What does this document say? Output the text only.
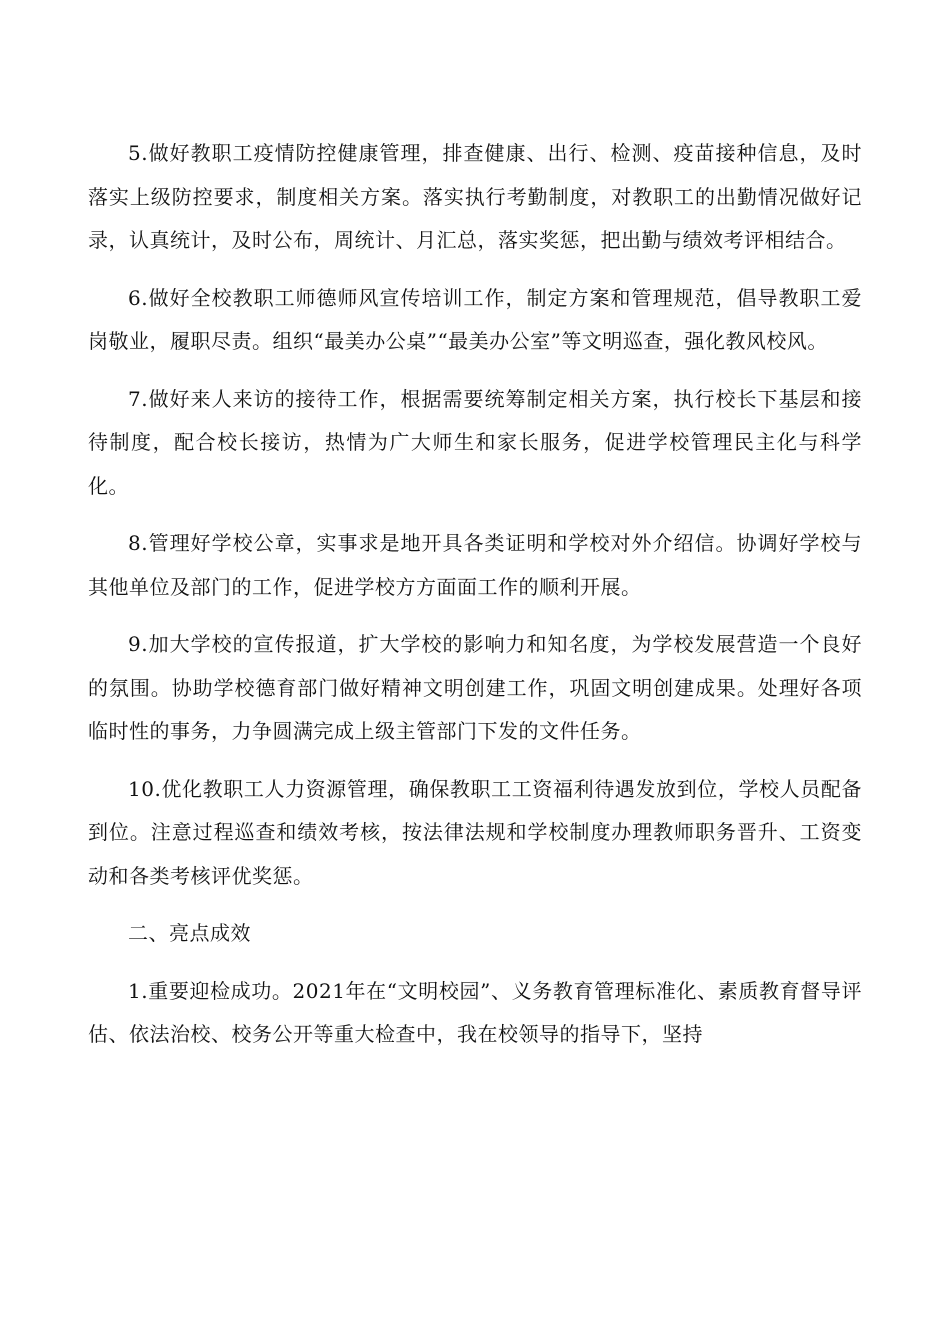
5.做好教职工疫情防控健康管理，排查健康、出行、检测、疫苗接种信息，及时落实上级防控要求，制度相关方案。落实执行考勤制度，对教职工的出勤情况做好记录，认真统计，及时公布，周统计、月汇总，落实奖惩，把出勤与绩效考评相结合。

6.做好全校教职工师德师风宣传培训工作，制定方案和管理规范，倡导教职工爱岗敬业，履职尽责。组织“最美办公桌”“最美办公室”等文明巡查，强化教风校风。

7.做好来人来访的接待工作，根据需要统筹制定相关方案，执行校长下基层和接待制度，配合校长接访，热情为广大师生和家长服务，促进学校管理民主化与科学化。

8.管理好学校公章，实事求是地开具各类证明和学校对外介绍信。协调好学校与其他单位及部门的工作，促进学校方方面面工作的顺利开展。

9.加大学校的宣传报道，扩大学校的影响力和知名度，为学校发展营造一个良好的氛围。协助学校德育部门做好精神文明创建工作，巩固文明创建成果。处理好各项临时性的事务，力争圆满完成上级主管部门下发的文件任务。

10.优化教职工人力资源管理，确保教职工工资福利待遇发放到位，学校人员配备到位。注意过程巡查和绩效考核，按法律法规和学校制度办理教师职务晋升、工资变动和各类考核评优奖惩。

二、亮点成效

1.重要迎检成功。2021年在“文明校园”、义务教育管理标准化、素质教育督导评估、依法治校、校务公开等重大检查中，我在校领导的指导下，坚持
